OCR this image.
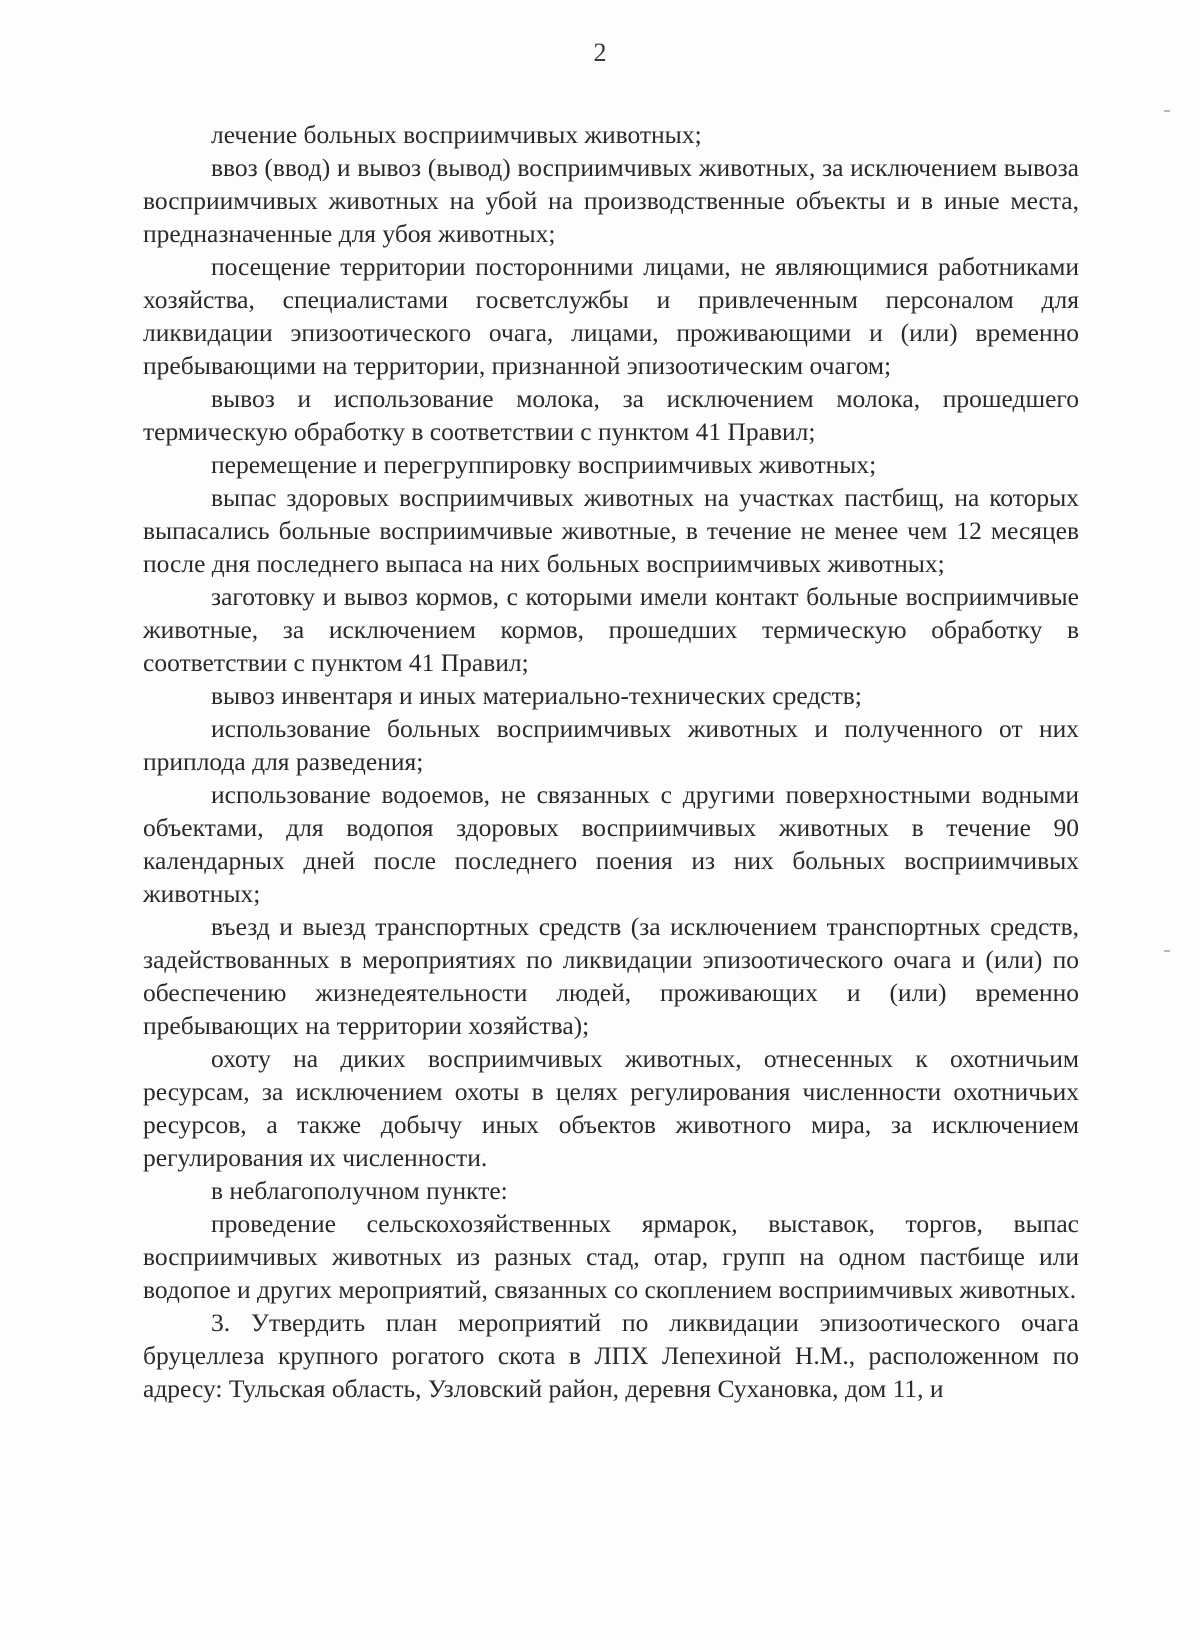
2

лечение больных восприимчивых животных;

ввоз (ввод) и вывоз (вывод) восприимчивых животных, за исключением вывоза восприимчивых животных на убой на производственные объекты и в иные места, предназначенные для убоя животных;

посещение территории посторонними лицами, не являющимися работниками хозяйства, специалистами госветслужбы и привлеченным персоналом для ликвидации эпизоотического очага, лицами, проживающими и (или) временно пребывающими на территории, признанной эпизоотическим очагом;

вывоз и использование молока, за исключением молока, прошедшего термическую обработку в соответствии с пунктом 41 Правил;

перемещение и перегруппировку восприимчивых животных;

выпас здоровых восприимчивых животных на участках пастбищ, на которых выпасались больные восприимчивые животные, в течение не менее чем 12 месяцев после дня последнего выпаса на них больных восприимчивых животных;

заготовку и вывоз кормов, с которыми имели контакт больные восприимчивые животные, за исключением кормов, прошедших термическую обработку в соответствии с пунктом 41 Правил;

вывоз инвентаря и иных материально-технических средств;

использование больных восприимчивых животных и полученного от них приплода для разведения;

использование водоемов, не связанных с другими поверхностными водными объектами, для водопоя здоровых восприимчивых животных в течение 90 календарных дней после последнего поения из них больных восприимчивых животных;

въезд и выезд транспортных средств (за исключением транспортных средств, задействованных в мероприятиях по ликвидации эпизоотического очага и (или) по обеспечению жизнедеятельности людей, проживающих и (или) временно пребывающих на территории хозяйства);

охоту на диких восприимчивых животных, отнесенных к охотничьим ресурсам, за исключением охоты в целях регулирования численности охотничьих ресурсов, а также добычу иных объектов животного мира, за исключением регулирования их численности.

в неблагополучном пункте:

проведение сельскохозяйственных ярмарок, выставок, торгов, выпас восприимчивых животных из разных стад, отар, групп на одном пастбище или водопое и других мероприятий, связанных со скоплением восприимчивых животных.

3. Утвердить план мероприятий по ликвидации эпизоотического очага бруцеллеза крупного рогатого скота в ЛПХ Лепехиной Н.М., расположенном по адресу: Тульская область, Узловский район, деревня Сухановка, дом 11, и
